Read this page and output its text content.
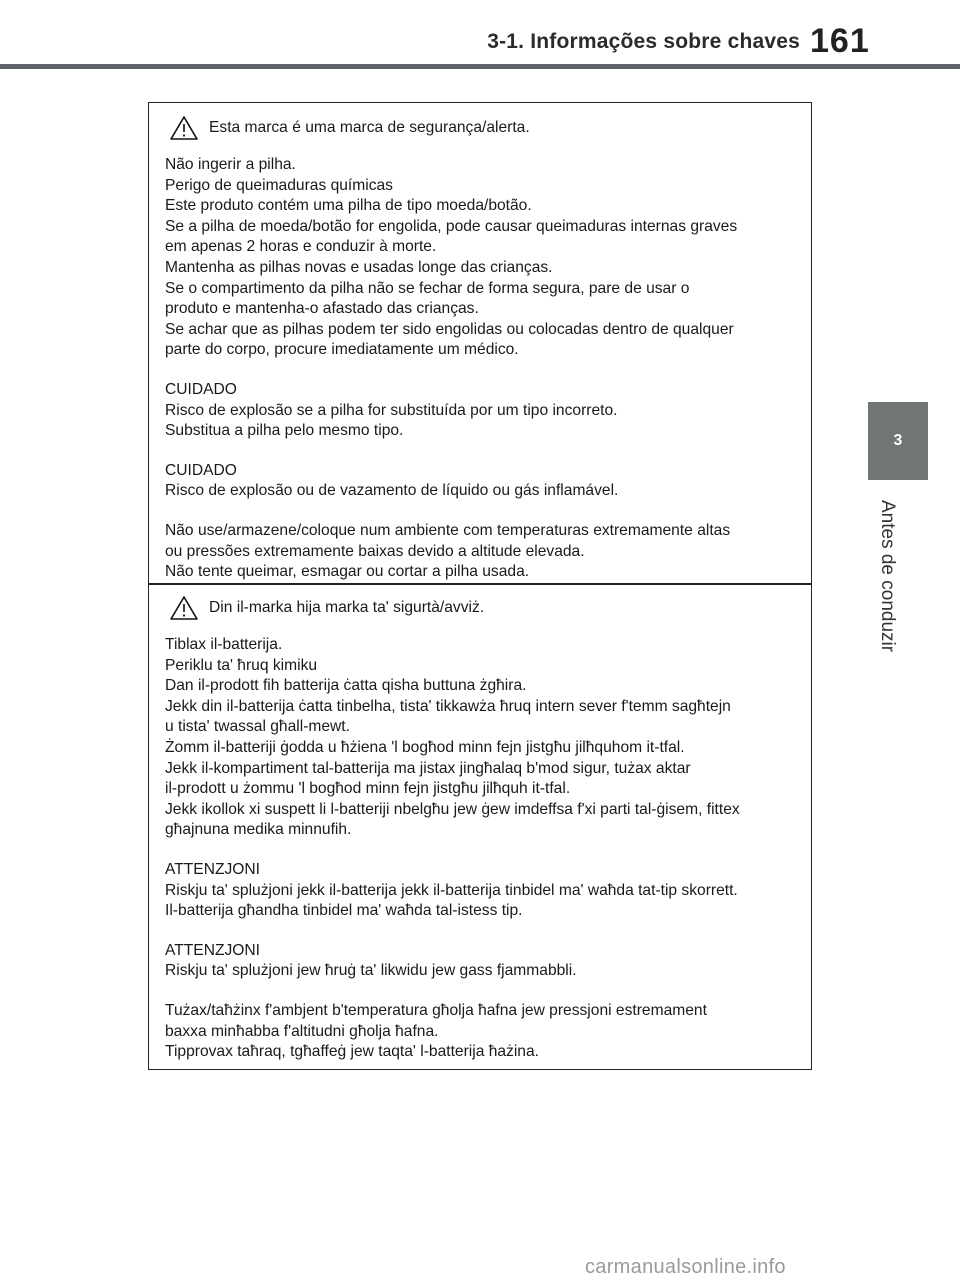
3-1. Informações sobre chaves 161
3
Antes de conduzir
Esta marca é uma marca de segurança/alerta.
Não ingerir a pilha.
Perigo de queimaduras químicas
Este produto contém uma pilha de tipo moeda/botão.
Se a pilha de moeda/botão for engolida, pode causar queimaduras internas graves
em apenas 2 horas e conduzir à morte.
Mantenha as pilhas novas e usadas longe das crianças.
Se o compartimento da pilha não se fechar de forma segura, pare de usar o
produto e mantenha-o afastado das crianças.
Se achar que as pilhas podem ter sido engolidas ou colocadas dentro de qualquer
parte do corpo, procure imediatamente um médico.
CUIDADO
Risco de explosão se a pilha for substituída por um tipo incorreto.
Substitua a pilha pelo mesmo tipo.
CUIDADO
Risco de explosão ou de vazamento de líquido ou gás inflamável.
Não use/armazene/coloque num ambiente com temperaturas extremamente altas
ou pressões extremamente baixas devido a altitude elevada.
Não tente queimar, esmagar ou cortar a pilha usada.
Din il-marka hija marka ta' sigurtà/avviż.
Tiblax il-batterija.
Periklu ta' ħruq kimiku
Dan il-prodott fih batterija ċatta qisha buttuna żgħira.
Jekk din il-batterija ċatta tinbelha, tista' tikkawża ħruq intern sever f'temm sagħtejn
u tista' twassal għall-mewt.
Żomm il-batteriji ġodda u ħżiena 'l bogħod minn fejn jistgħu jilħquhom it-tfal.
Jekk il-kompartiment tal-batterija ma jistax jingħalaq b'mod sigur, tużax aktar
il-prodott u żommu 'l bogħod minn fejn jistgħu jilħquh it-tfal.
Jekk ikollok xi suspett li l-batteriji nbelgħu jew ġew imdeffsa f'xi parti tal-ġisem, fittex
għajnuna medika minnufih.
ATTENZJONI
Riskju ta' splużjoni jekk il-batterija jekk il-batterija tinbidel ma' waħda tat-tip skorrett.
Il-batterija għandha tinbidel ma' waħda tal-istess tip.
ATTENZJONI
Riskju ta' splużjoni jew ħruġ ta' likwidu jew gass fjammabbli.
Tużax/taħżinx f'ambjent b'temperatura għolja ħafna jew pressjoni estremament
baxxa minħabba f'altitudni għolja ħafna.
Tipprovax taħraq, tgħaffeġ jew taqta' l-batterija ħażina.
carmanualsonline.info
